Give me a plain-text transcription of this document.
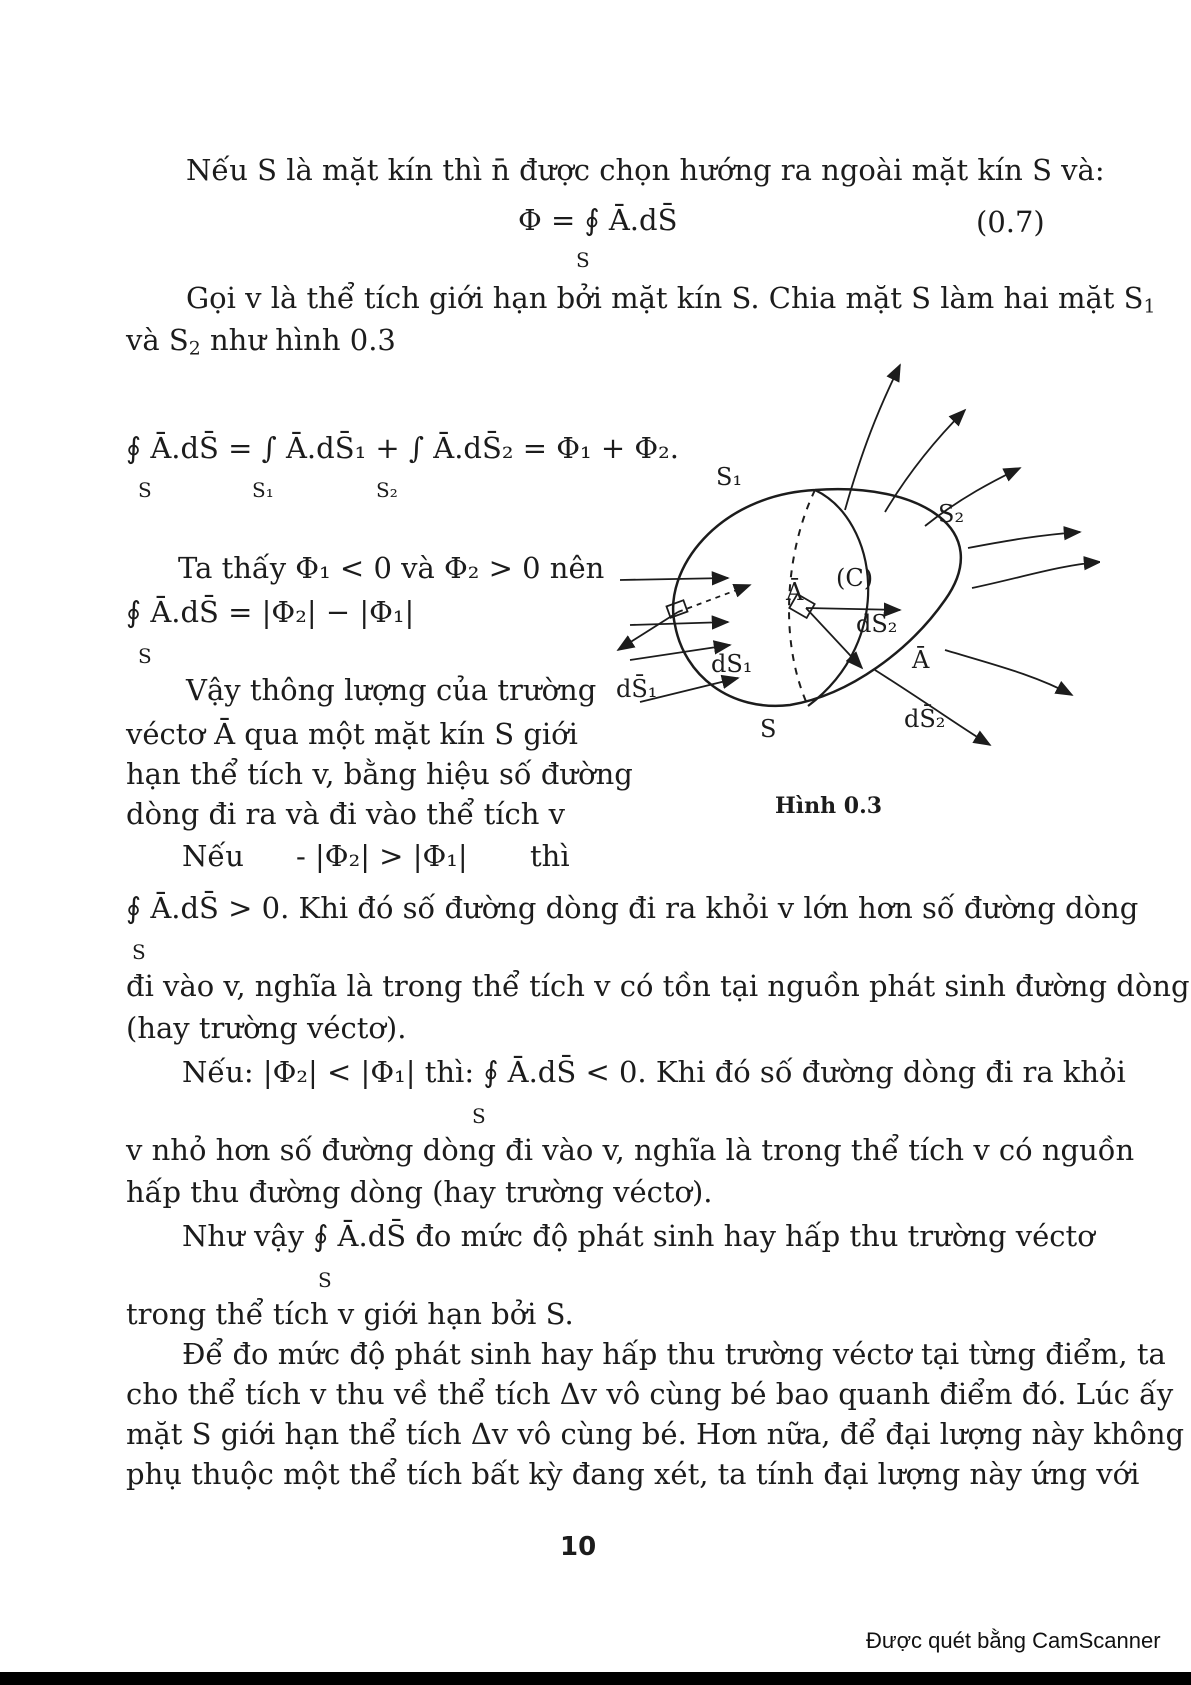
Nếu S là mặt kín thì n̄ được chọn hướng ra ngoài mặt kín S và:
Φ = ∮ Ā.dS̄
S
(0.7)
Gọi v là thể tích giới hạn bởi mặt kín S. Chia mặt S làm hai mặt $S_1$
và $S_2$ như hình 0.3
∮ Ā.dS̄ = ∫ Ā.dS̄₁ + ∫ Ā.dS̄₂ = Φ₁ + Φ₂.
S	S₁	S₂
Ta thấy Φ₁ < 0 và Φ₂ > 0 nên
∮ Ā.dS̄ = |Φ₂| − |Φ₁|
S
Vậy thông lượng của trường
véctơ Ā qua một mặt kín S giới
hạn thể tích v, bằng hiệu số đường
dòng đi ra và đi vào thể tích v
Nếu - |Φ₂| > |Φ₁| thì
∮ Ā.dS̄ > 0. Khi đó số đường dòng đi ra khỏi v lớn hơn số đường dòng
S
đi vào v, nghĩa là trong thể tích v có tồn tại nguồn phát sinh đường dòng
(hay trường véctơ).
Nếu: |Φ₂| < |Φ₁| thì: ∮ Ā.dS̄ < 0. Khi đó số đường dòng đi ra khỏi
S
v nhỏ hơn số đường dòng đi vào v, nghĩa là trong thể tích v có nguồn
hấp thu đường dòng (hay trường véctơ).
Như vậy ∮ Ā.dS̄ đo mức độ phát sinh hay hấp thu trường véctơ
S
trong thể tích v giới hạn bởi S.
Để đo mức độ phát sinh hay hấp thu trường véctơ tại từng điểm, ta
cho thể tích v thu về thể tích Δv vô cùng bé bao quanh điểm đó. Lúc ấy
mặt S giới hạn thể tích Δv vô cùng bé. Hơn nữa, để đại lượng này không
phụ thuộc một thể tích bất kỳ đang xét, ta tính đại lượng này ứng với
S₁
S₂
(C)
Ā
dS₂
Ā
dS₁
dS̄₁
S	dS̄₂
Hình 0.3
10
Được quét bằng CamScanner
